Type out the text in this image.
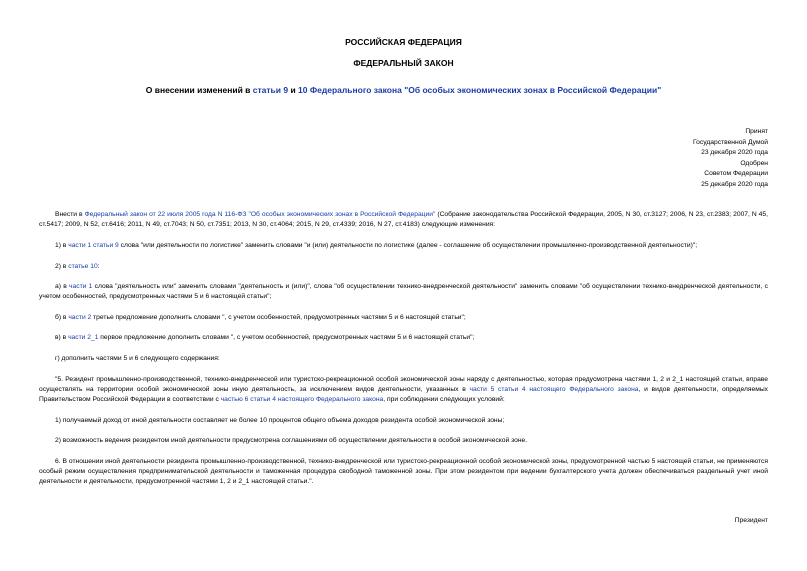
РОССИЙСКАЯ ФЕДЕРАЦИЯ
ФЕДЕРАЛЬНЫЙ ЗАКОН
О внесении изменений в статьи 9 и 10 Федерального закона "Об особых экономических зонах в Российской Федерации"
Принят
Государственной Думой
23 декабря 2020 года
Одобрен
Советом Федерации
25 декабря 2020 года

Внести в Федеральный закон от 22 июля 2005 года N 116-ФЗ "Об особых экономических зонах в Российской Федерации" (Собрание законодательства Российской Федерации, 2005, N 30, ст.3127; 2006, N 23, ст.2383; 2007, N 45, ст.5417; 2009, N 52, ст.6416; 2011, N 49, ст.7043; N 50, ст.7351; 2013, N 30, ст.4064; 2015, N 29, ст.4339; 2016, N 27, ст.4183) следующие изменения:

1) в части 1 статьи 9 слова "или деятельности по логистике" заменить словами "и (или) деятельности по логистике (далее - соглашение об осуществлении промышленно-производственной деятельности)";

2) в статье 10:

а) в части 1 слова "деятельность или" заменить словами "деятельность и (или)", слова "об осуществлении технико-внедренческой деятельности" заменить словами "об осуществлении технико-внедренческой деятельности, с учетом особенностей, предусмотренных частями 5 и 6 настоящей статьи";

б) в части 2 третье предложение дополнить словами ", с учетом особенностей, предусмотренных частями 5 и 6 настоящей статьи";

в) в части 2_1 первое предложение дополнить словами ", с учетом особенностей, предусмотренных частями 5 и 6 настоящей статьи";

г) дополнить частями 5 и 6 следующего содержания:

"5. Резидент промышленно-производственной, технико-внедренческой или туристско-рекреационной особой экономической зоны наряду с деятельностью, которая предусмотрена частями 1, 2 и 2_1 настоящей статьи, вправе осуществлять на территории особой экономической зоны иную деятельность, за исключением видов деятельности, указанных в части 5 статьи 4 настоящего Федерального закона, и видов деятельности, определяемых Правительством Российской Федерации в соответствии с частью 6 статьи 4 настоящего Федерального закона, при соблюдении следующих условий:

1) получаемый доход от иной деятельности составляет не более 10 процентов общего объема доходов резидента особой экономической зоны;

2) возможность ведения резидентом иной деятельности предусмотрена соглашениями об осуществлении деятельности в особой экономической зоне.

6. В отношении иной деятельности резидента промышленно-производственной, технико-внедренческой или туристско-рекреационной особой экономической зоны, предусмотренной частью 5 настоящей статьи, не применяются особый режим осуществления предпринимательской деятельности и таможенная процедура свободной таможенной зоны. При этом резидентом при ведении бухгалтерского учета должен обеспечиваться раздельный учет иной деятельности и деятельности, предусмотренной частями 1, 2 и 2_1 настоящей статьи.".

Президент
